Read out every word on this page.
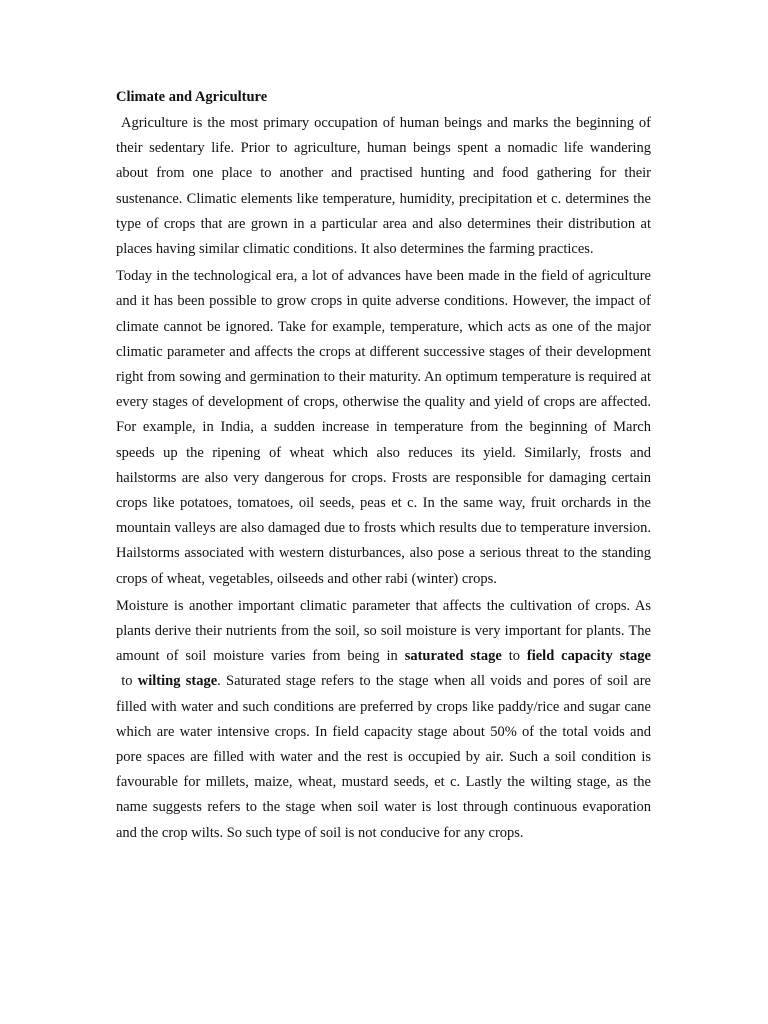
Climate and Agriculture

Agriculture is the most primary occupation of human beings and marks the beginning of their sedentary life. Prior to agriculture, human beings spent a nomadic life wandering about from one place to another and practised hunting and food gathering for their sustenance. Climatic elements like temperature, humidity, precipitation et c. determines the type of crops that are grown in a particular area and also determines their distribution at places having similar climatic conditions. It also determines the farming practices.

Today in the technological era, a lot of advances have been made in the field of agriculture and it has been possible to grow crops in quite adverse conditions. However, the impact of climate cannot be ignored. Take for example, temperature, which acts as one of the major climatic parameter and affects the crops at different successive stages of their development right from sowing and germination to their maturity. An optimum temperature is required at every stages of development of crops, otherwise the quality and yield of crops are affected. For example, in India, a sudden increase in temperature from the beginning of March speeds up the ripening of wheat which also reduces its yield. Similarly, frosts and hailstorms are also very dangerous for crops. Frosts are responsible for damaging certain crops like potatoes, tomatoes, oil seeds, peas et c. In the same way, fruit orchards in the mountain valleys are also damaged due to frosts which results due to temperature inversion. Hailstorms associated with western disturbances, also pose a serious threat to the standing crops of wheat, vegetables, oilseeds and other rabi (winter) crops.

Moisture is another important climatic parameter that affects the cultivation of crops. As plants derive their nutrients from the soil, so soil moisture is very important for plants. The amount of soil moisture varies from being in saturated stage to field capacity stage to wilting stage. Saturated stage refers to the stage when all voids and pores of soil are filled with water and such conditions are preferred by crops like paddy/rice and sugar cane which are water intensive crops. In field capacity stage about 50% of the total voids and pore spaces are filled with water and the rest is occupied by air. Such a soil condition is favourable for millets, maize, wheat, mustard seeds, et c. Lastly the wilting stage, as the name suggests refers to the stage when soil water is lost through continuous evaporation and the crop wilts. So such type of soil is not conducive for any crops.
